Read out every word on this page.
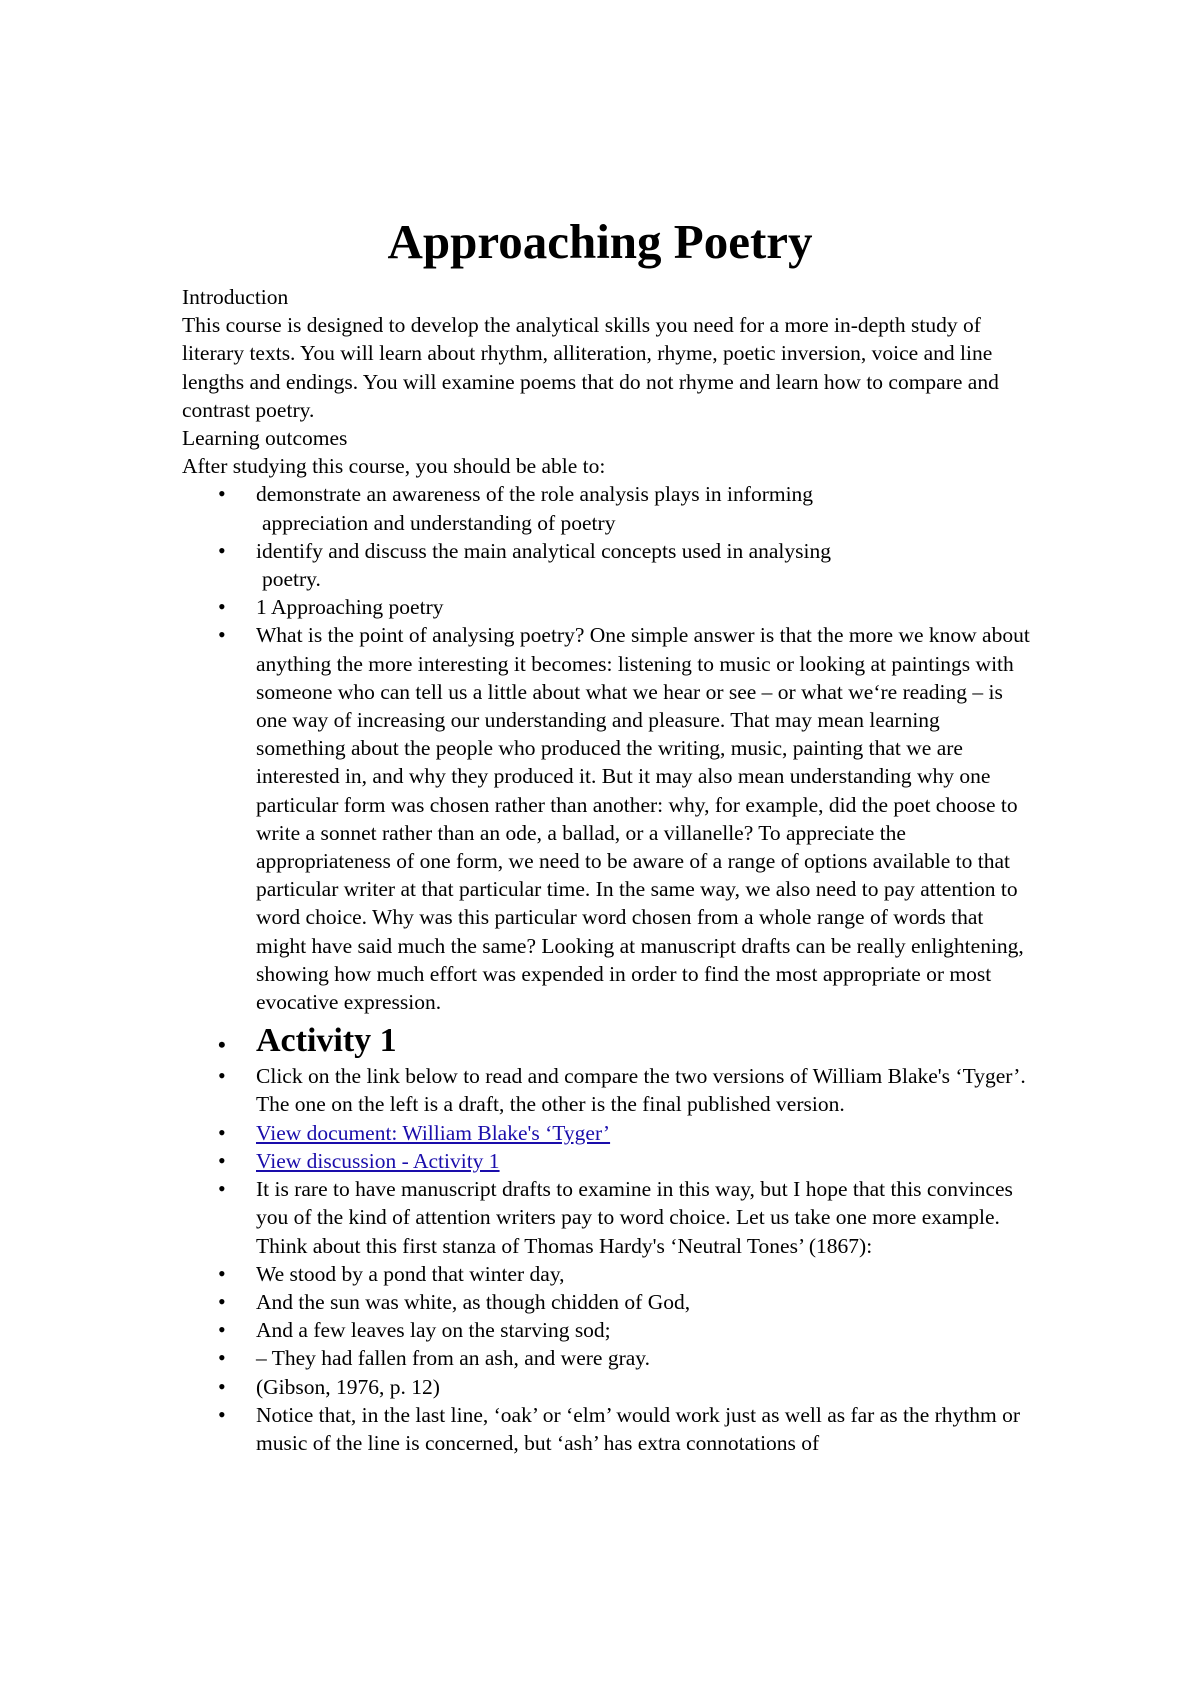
Approaching Poetry

Introduction

This course is designed to develop the analytical skills you need for a more in-depth study of literary texts. You will learn about rhythm, alliteration, rhyme, poetic inversion, voice and line lengths and endings. You will examine poems that do not rhyme and learn how to compare and contrast poetry.

Learning outcomes

After studying this course, you should be able to:

• demonstrate an awareness of the role analysis plays in informing
appreciation and understanding of poetry
• identify and discuss the main analytical concepts used in analysing
poetry.
• 1 Approaching poetry
• What is the point of analysing poetry? One simple answer is that the more we know about anything the more interesting it becomes: listening to music or looking at paintings with someone who can tell us a little about what we hear or see – or what we‘re reading – is one way of increasing our understanding and pleasure. That may mean learning something about the people who produced the writing, music, painting that we are interested in, and why they produced it. But it may also mean understanding why one particular form was chosen rather than another: why, for example, did the poet choose to write a sonnet rather than an ode, a ballad, or a villanelle? To appreciate the appropriateness of one form, we need to be aware of a range of options available to that particular writer at that particular time. In the same way, we also need to pay attention to word choice. Why was this particular word chosen from a whole range of words that might have said much the same? Looking at manuscript drafts can be really enlightening, showing how much effort was expended in order to find the most appropriate or most evocative expression.
• Activity 1
• Click on the link below to read and compare the two versions of William Blake's ‘Tyger’. The one on the left is a draft, the other is the final published version.
• View document: William Blake's ‘Tyger’
• View discussion - Activity 1
• It is rare to have manuscript drafts to examine in this way, but I hope that this convinces you of the kind of attention writers pay to word choice. Let us take one more example. Think about this first stanza of Thomas Hardy's ‘Neutral Tones’ (1867):
• We stood by a pond that winter day,
• And the sun was white, as though chidden of God,
• And a few leaves lay on the starving sod;
• – They had fallen from an ash, and were gray.
• (Gibson, 1976, p. 12)
• Notice that, in the last line, ‘oak’ or ‘elm’ would work just as well as far as the rhythm or music of the line is concerned, but ‘ash’ has extra connotations of
